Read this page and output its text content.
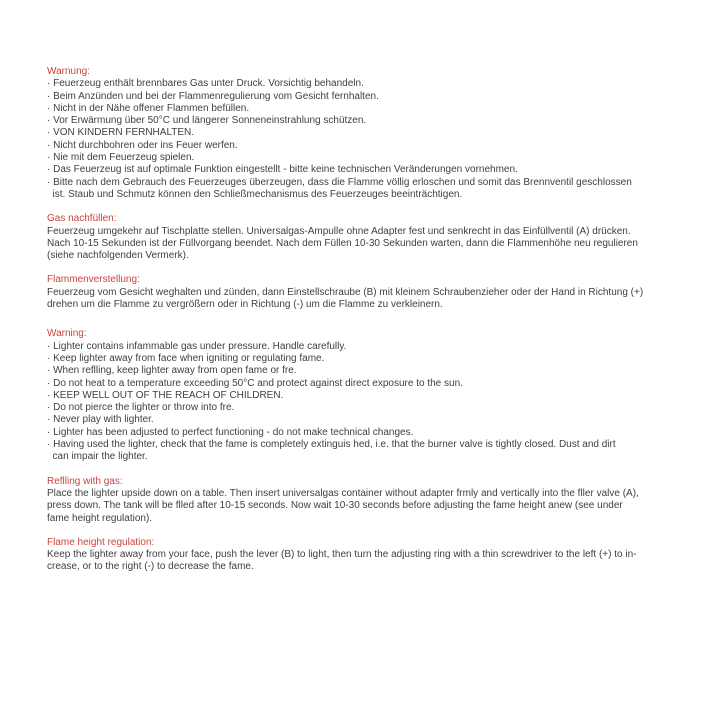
Warnung:
· Feuerzeug enthält brennbares Gas unter Druck. Vorsichtig behandeln.
· Beim Anzünden und bei der Flammenregulierung vom Gesicht fernhalten.
· Nicht in der Nähe offener Flammen befüllen.
· Vor Erwärmung über 50°C und längerer Sonneneinstrahlung schützen.
· VON KINDERN FERNHALTEN.
· Nicht durchbohren oder ins Feuer werfen.
· Nie mit dem Feuerzeug spielen.
· Das Feuerzeug ist auf optimale Funktion eingestellt - bitte keine technischen Veränderungen vornehmen.
· Bitte nach dem Gebrauch des Feuerzeuges überzeugen, dass die Flamme völlig erloschen und somit das Brennventil geschlossen
ist. Staub und Schmutz können den Schließmechanismus des Feuerzeuges beeinträchtigen.
Gas nachfüllen:
Feuerzeug umgekehr auf Tischplatte stellen. Universalgas-Ampulle ohne Adapter fest und senkrecht in das Einfüllventil (A) drücken.
Nach 10-15 Sekunden ist der Füllvorgang beendet. Nach dem Füllen 10-30 Sekunden warten, dann die Flammenhöhe neu regulieren
(siehe nachfolgenden Vermerk).
Flammenverstellung:
Feuerzeug vom Gesicht weghalten und zünden, dann Einstellschraube (B) mit kleinem Schraubenzieher oder der Hand in Richtung (+)
drehen um die Flamme zu vergrößern oder in Richtung (-) um die Flamme zu verkleinern.
Warning:
· Lighter contains infammable gas under pressure. Handle carefully.
· Keep lighter away from face when igniting or regulating fame.
· When reflling, keep lighter away from open fame or fre.
· Do not heat to a temperature exceeding 50°C and protect against direct exposure to the sun.
· KEEP WELL OUT OF THE REACH OF CHILDREN.
· Do not pierce the lighter or throw into fre.
· Never play with lighter.
· Lighter has been adjusted to perfect functioning - do not make technical changes.
· Having used the lighter, check that the fame is completely extinguis hed, i.e. that the burner valve is tightly closed. Dust and dirt
can impair the lighter.
Reflling with gas:
Place the lighter upside down on a table. Then insert universalgas container without adapter frmly and vertically into the fller valve (A),
press down. The tank will be flled after 10-15 seconds. Now wait 10-30 seconds before adjusting the fame height anew (see under
fame height regulation).
Flame height regulation:
Keep the lighter away from your face, push the lever (B) to light, then turn the adjusting ring with a thin screwdriver to the left (+) to in-
crease, or to the right (-) to decrease the fame.
